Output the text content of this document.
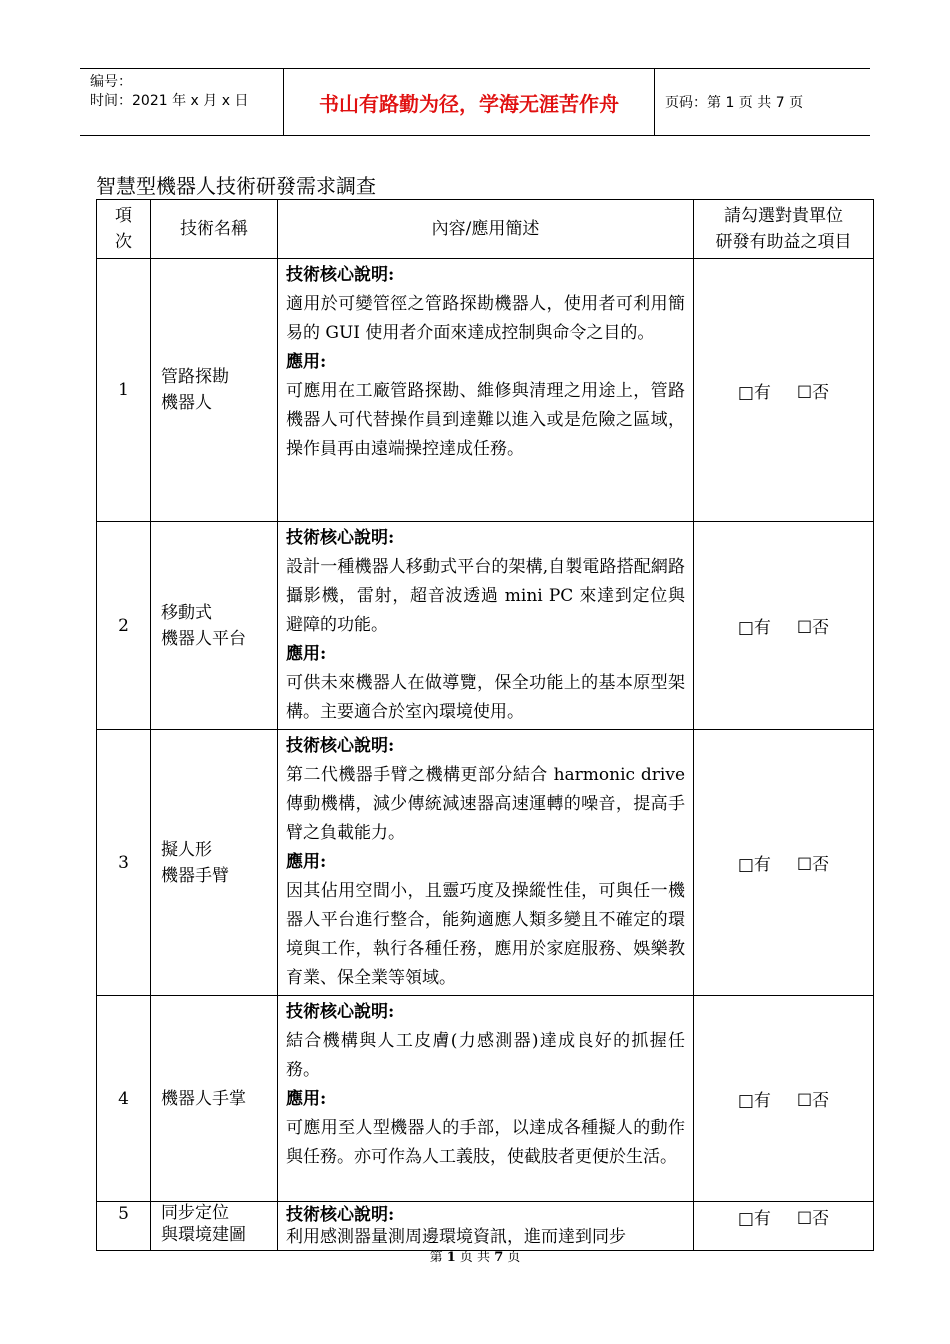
编号：
时间：2021 年 x 月 x 日	书山有路勤为径，学海无涯苦作舟	页码：第 1 页 共 7 页
智慧型機器人技術研發需求調查
項
次	技術名稱	內容/應用簡述	請勾選對貴單位
研發有助益之項目
1	管路探勘
機器人	技術核心說明:
適用於可變管徑之管路探勘機器人，使用者可利用簡易的 GUI 使用者介面來達成控制與命令之目的。
應用:
可應用在工廠管路探勘、維修與清理之用途上，管路機器人可代替操作員到達難以進入或是危險之區域，操作員再由遠端操控達成任務。	□有 ☐否

2	移動式
機器人平台	技術核心說明:
設計一種機器人移動式平台的架構,自製電路搭配網路攝影機，雷射，超音波透過 mini PC 來達到定位與避障的功能。
應用:
可供未來機器人在做導覽，保全功能上的基本原型架構。主要適合於室內環境使用。	□有 ☐否

3	擬人形
機器手臂	技術核心說明:
第二代機器手臂之機構更部分結合 harmonic drive 傳動機構，減少傳統減速器高速運轉的噪音，提高手臂之負載能力。
應用:
因其佔用空間小，且靈巧度及操縱性佳，可與任一機器人平台進行整合，能夠適應人類多變且不確定的環境與工作，執行各種任務，應用於家庭服務、娛樂教育業、保全業等領域。	□有 ☐否

4	機器人手掌	技術核心說明:
結合機構與人工皮膚(力感測器)達成良好的抓握任務。
應用:
可應用至人型機器人的手部，以達成各種擬人的動作與任務。亦可作為人工義肢，使截肢者更便於生活。	□有 ☐否

5	同步定位
與環境建圖	技術核心說明:
利用感測器量測周邊環境資訊，進而達到同步	□有 ☐否
第 1 页 共 7 页
